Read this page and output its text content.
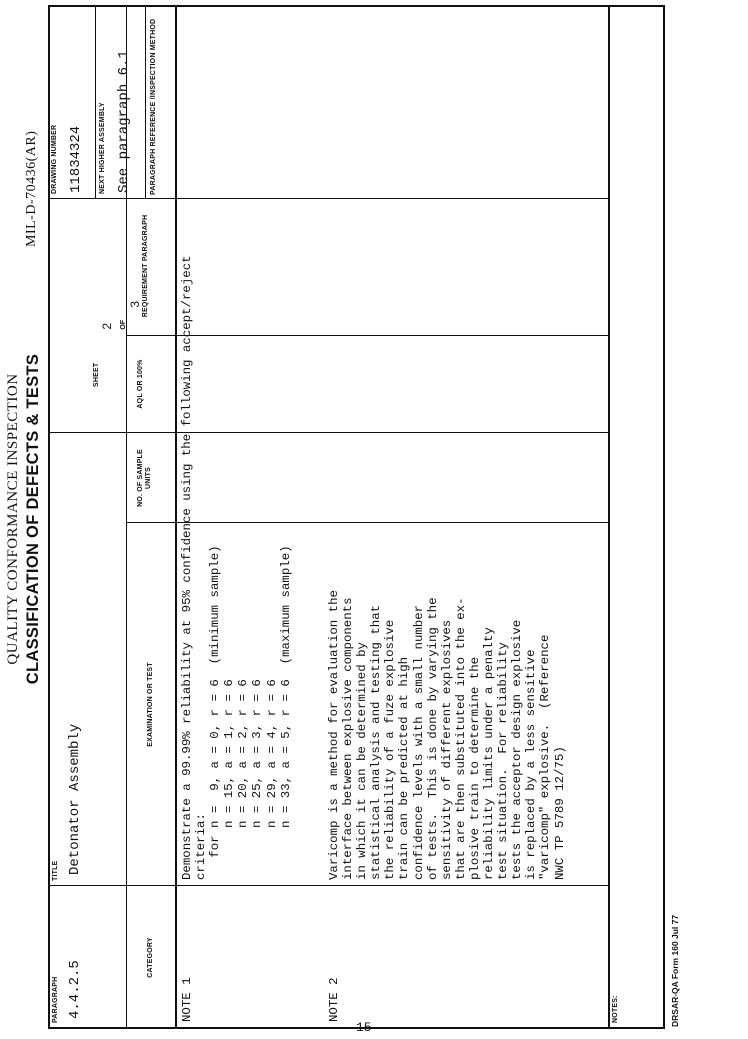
QUALITY CONFORMANCE INSPECTION CLASSIFICATION OF DEFECTS & TESTS
MIL-D-70436(AR)
PARAGRAPH 4.4.2.5
TITLE Detonator Assembly
SHEET

2 OF
3

DRAWING NUMBER 11834324 NEXT HIGHER ASSEMBLY See paragraph 6.1
CATEGORY
EXAMINATION OR TEST
NO. OF SAMPLE UNITS
AQL OR 100%
REQUIREMENT PARAGRAPH
PARAGRAPH REFERENCE /INSPECTION METHOD
NOTE 1
Demonstrate a 99.99% reliability at 95% confidence using the following accept/reject criteria: for n =  9, a = 0, r = 6  (minimum sample) n = 15, a = 1, r = 6 n = 20, a = 2, r = 6 n = 25, a = 3, r = 6 n = 29, a = 4, r = 6 n = 33, a = 5, r = 6  (maximum sample)
NOTE 2
Varicomp is a method for evaluation the interface between explosive components in which it can be determined by statistical analysis and testing that the reliability of a fuze explosive train can be predicted at high confidence levels with a small number of tests.  This is done by varying the sensitivity of different explosives that are then substituted into the ex- plosive train to determine the reliability limits under a penalty test situation.  For reliability tests the acceptor design explosive is replaced by a less sensitive "varicomp" explosive.  (Reference NWC TP 5789 12/75)
NOTES:	DRSAR-QA Form 160 Jul 77
15
